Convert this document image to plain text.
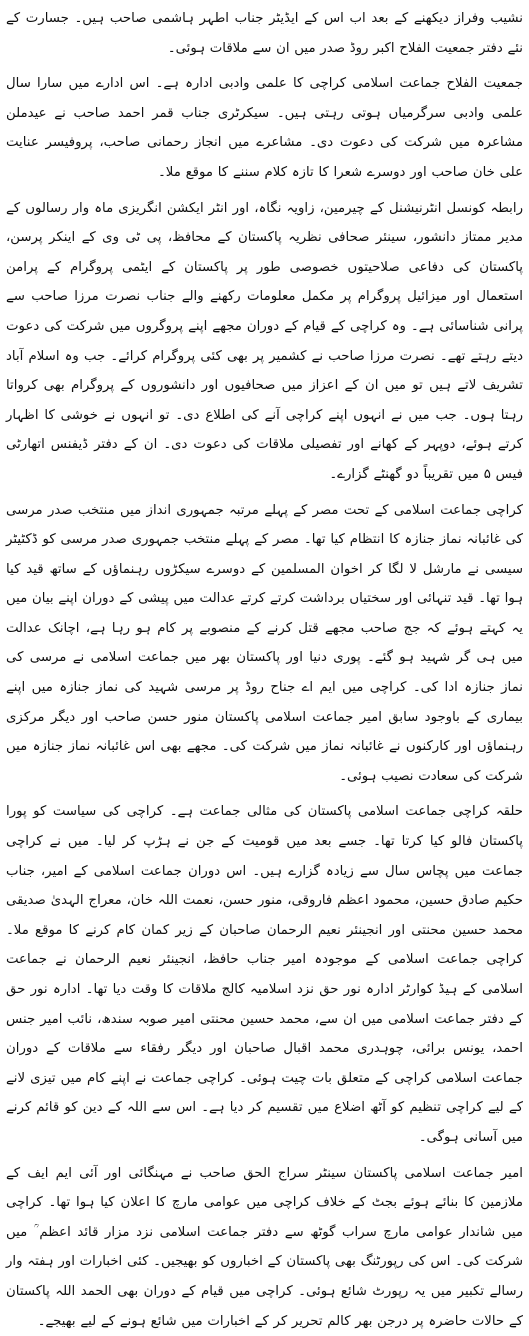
نشیب وفراز دیکھنے کے بعد اب اس کے ایڈیٹر جناب اطہر ہاشمی صاحب ہیں۔ جسارت کے نئے دفتر جمعیت الفلاح اکبر روڈ صدر میں ان سے ملاقات ہوئی۔

جمعیت الفلاح جماعت اسلامی کراچی کا علمی وادبی ادارہ ہے۔ اس ادارے میں سارا سال علمی وادبی سرگرمیاں ہوتی رہتی ہیں۔ سیکرٹری جناب قمر احمد صاحب نے عیدملن مشاعرہ میں شرکت کی دعوت دی۔ مشاعرے میں انجاز رحمانی صاحب، پروفیسر عنایت علی خان صاحب اور دوسرے شعرا کا تازہ کلام سننے کا موقع ملا۔

رابطہ کونسل انٹرنیشنل کے چیرمین، زاویہ نگاہ، اور انٹر ایکشن انگریزی ماہ وار رسالوں کے مدیر ممتاز دانشور، سینئر صحافی نظریہ پاکستان کے محافظ، پی ٹی وی کے اینکر پرسن، پاکستان کی دفاعی صلاحیتوں خصوصی طور پر پاکستان کے ایٹمی پروگرام کے پرامن استعمال اور میزائیل پروگرام پر مکمل معلومات رکھنے والے جناب نصرت مرزا صاحب سے پرانی شناسائی ہے۔ وہ کراچی کے قیام کے دوران مجھے اپنے پروگروں میں شرکت کی دعوت دیتے رہتے تھے۔ نصرت مرزا صاحب نے کشمیر پر بھی کئی پروگرام کرائے۔ جب وہ اسلام آباد تشریف لاتے ہیں تو میں ان کے اعزاز میں صحافیوں اور دانشوروں کے پروگرام بھی کرواتا رہتا ہوں۔ جب میں نے انہوں اپنے کراچی آنے کی اطلاع دی۔ تو انہوں نے خوشی کا اظہار کرتے ہوئے، دوپہر کے کھانے اور تفصیلی ملاقات کی دعوت دی۔ ان کے دفتر ڈیفنس اتھارٹی فیس ۵ میں تقریباً دو گھنٹے گزارے۔

کراچی جماعت اسلامی کے تحت مصر کے پہلے مرتبہ جمہوری انداز میں منتخب صدر مرسی کی غائبانہ نماز جنازہ کا انتظام کیا تھا۔ مصر کے پہلے منتخب جمہوری صدر مرسی کو ڈکٹیٹر سیسی نے مارشل لا لگا کر اخوان المسلمین کے دوسرے سیکڑوں رہنماؤں کے ساتھ قید کیا ہوا تھا۔ قید تنہائی اور سختیاں برداشت کرتے کرتے عدالت میں پیشی کے دوران اپنے بیان میں یہ کہتے ہوئے کہ جج صاحب مجھے قتل کرنے کے منصوبے پر کام ہو رہا ہے، اچانک عدالت میں ہی گر شہید ہو گئے۔ پوری دنیا اور پاکستان بھر میں جماعت اسلامی نے مرسی کی نماز جنازہ ادا کی۔ کراچی میں ایم اے جناح روڈ پر مرسی شہید کی نماز جنازہ میں اپنے بیماری کے باوجود سابق امیر جماعت اسلامی پاکستان منور حسن صاحب اور دیگر مرکزی رہنماؤں اور کارکنوں نے غائبانہ نماز میں شرکت کی۔ مجھے بھی اس غائبانہ نماز جنازہ میں شرکت کی سعادت نصیب ہوئی۔

حلقہ کراچی جماعت اسلامی پاکستان کی مثالی جماعت ہے۔ کراچی کی سیاست کو پورا پاکستان فالو کیا کرتا تھا۔ جسے بعد میں قومیت کے جن نے ہڑپ کر لیا۔ میں نے کراچی جماعت میں پچاس سال سے زیادہ گزارے ہیں۔ اس دوران جماعت اسلامی کے امیر، جناب حکیم صادق حسین، محمود اعظم فاروقی، منور حسن، نعمت اللہ خان، معراج الہدیٰ صدیقی محمد حسین محنتی اور انجینئر نعیم الرحمان صاحبان کے زیر کمان کام کرنے کا موقع ملا۔ کراچی جماعت اسلامی کے موجودہ امیر جناب حافظ، انجینئر نعیم الرحمان نے جماعت اسلامی کے ہیڈ کوارٹر ادارہ نور حق نزد اسلامیہ کالج ملاقات کا وقت دیا تھا۔ ادارہ نور حق کے دفتر جماعت اسلامی میں ان سے، محمد حسین محنتی امیر صوبہ سندھ، نائب امیر جنس احمد، یونس برائی، چوہدری محمد اقبال صاحبان اور دیگر رفقاء سے ملاقات کے دوران جماعت اسلامی کراچی کے متعلق بات چیت ہوئی۔ کراچی جماعت نے اپنے کام میں تیزی لانے کے لیے کراچی تنظیم کو آٹھ اضلاع میں تقسیم کر دیا ہے۔ اس سے اللہ کے دین کو قائم کرنے میں آسانی ہوگی۔

امیر جماعت اسلامی پاکستان سینٹر سراج الحق صاحب نے مہنگائی اور آئی ایم ایف کے ملازمین کا بنائے ہوئے بجٹ کے خلاف کراچی میں عوامی مارچ کا اعلان کیا ہوا تھا۔ کراچی میں شاندار عوامی مارچ سراب گوٹھ سے دفتر جماعت اسلامی نزد مزار قائد اعظم ؒ میں شرکت کی۔ اس کی رپورٹنگ بھی پاکستان کے اخباروں کو بھیجیں۔ کئی اخبارات اور ہفتہ وار رسالے تکبیر میں یہ رپورٹ شائع ہوئی۔ کراچی میں قیام کے دوران بھی الحمد اللہ پاکستان کے حالات حاضرہ پر درجن بھر کالم تحریر کر کے اخبارات میں شائع ہونے کے لیے بھیجے۔
